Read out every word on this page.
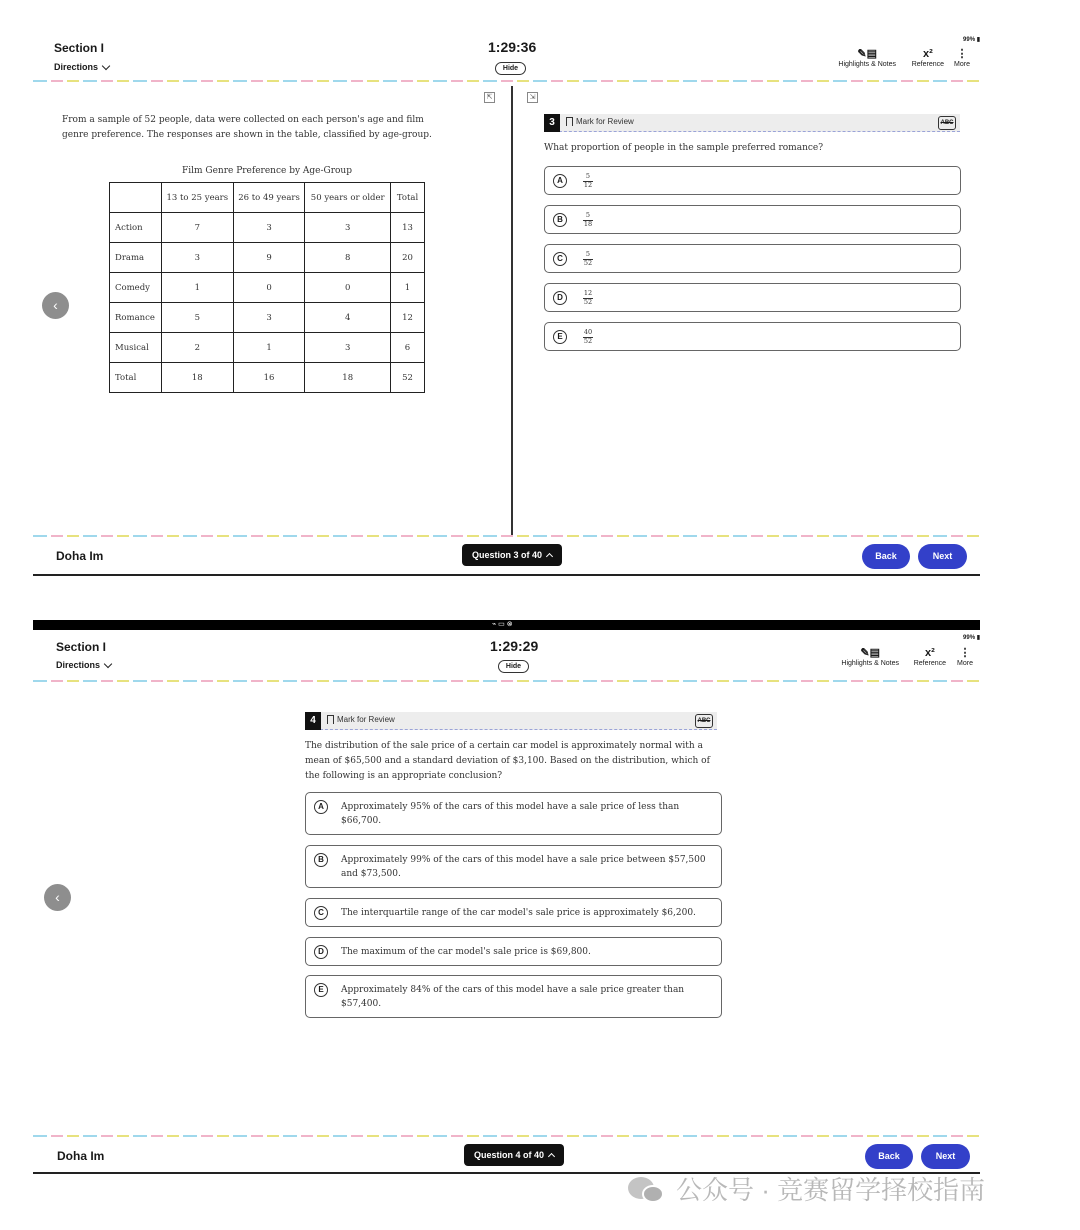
Section I
Directions
1:29:36
Hide
99% ▮
✎▤
Highlights & Notes
x²
Reference
⋮
More
⇱	⇲
‹
From a sample of 52 people, data were collected on each person's age and film genre preference. The responses are shown in the table, classified by age-group.
Film Genre Preference by Age-Group
	13 to 25 years	26 to 49 years	50 years or older	Total
Action	7	3	3	13
Drama	3	9	8	20
Comedy	1	0	0	1
Romance	5	3	4	12
Musical	2	1	3	6
Total	18	16	18	52
3	Mark for Review	ABC
What proportion of people in the sample preferred romance?
A	5
12
B	5
18
C	5
52
D	12
52
E	40
52
Doha Im	Question 3 of 40	Back	Next
⌁ ▭ ⊗
Section I
Directions
1:29:29
Hide
99% ▮
✎▤
Highlights & Notes
x²
Reference
⋮
More
‹
4	Mark for Review	ABC
The distribution of the sale price of a certain car model is approximately normal with a mean of $65,500 and a standard deviation of $3,100. Based on the distribution, which of the following is an appropriate conclusion?
A	Approximately 95% of the cars of this model have a sale price of less than $66,700.
B	Approximately 99% of the cars of this model have a sale price between $57,500 and $73,500.
C	The interquartile range of the car model's sale price is approximately $6,200.
D	The maximum of the car model's sale price is $69,800.
E	Approximately 84% of the cars of this model have a sale price greater than $57,400.
Doha Im	Question 4 of 40	Back	Next
公众号 · 竞赛留学择校指南
